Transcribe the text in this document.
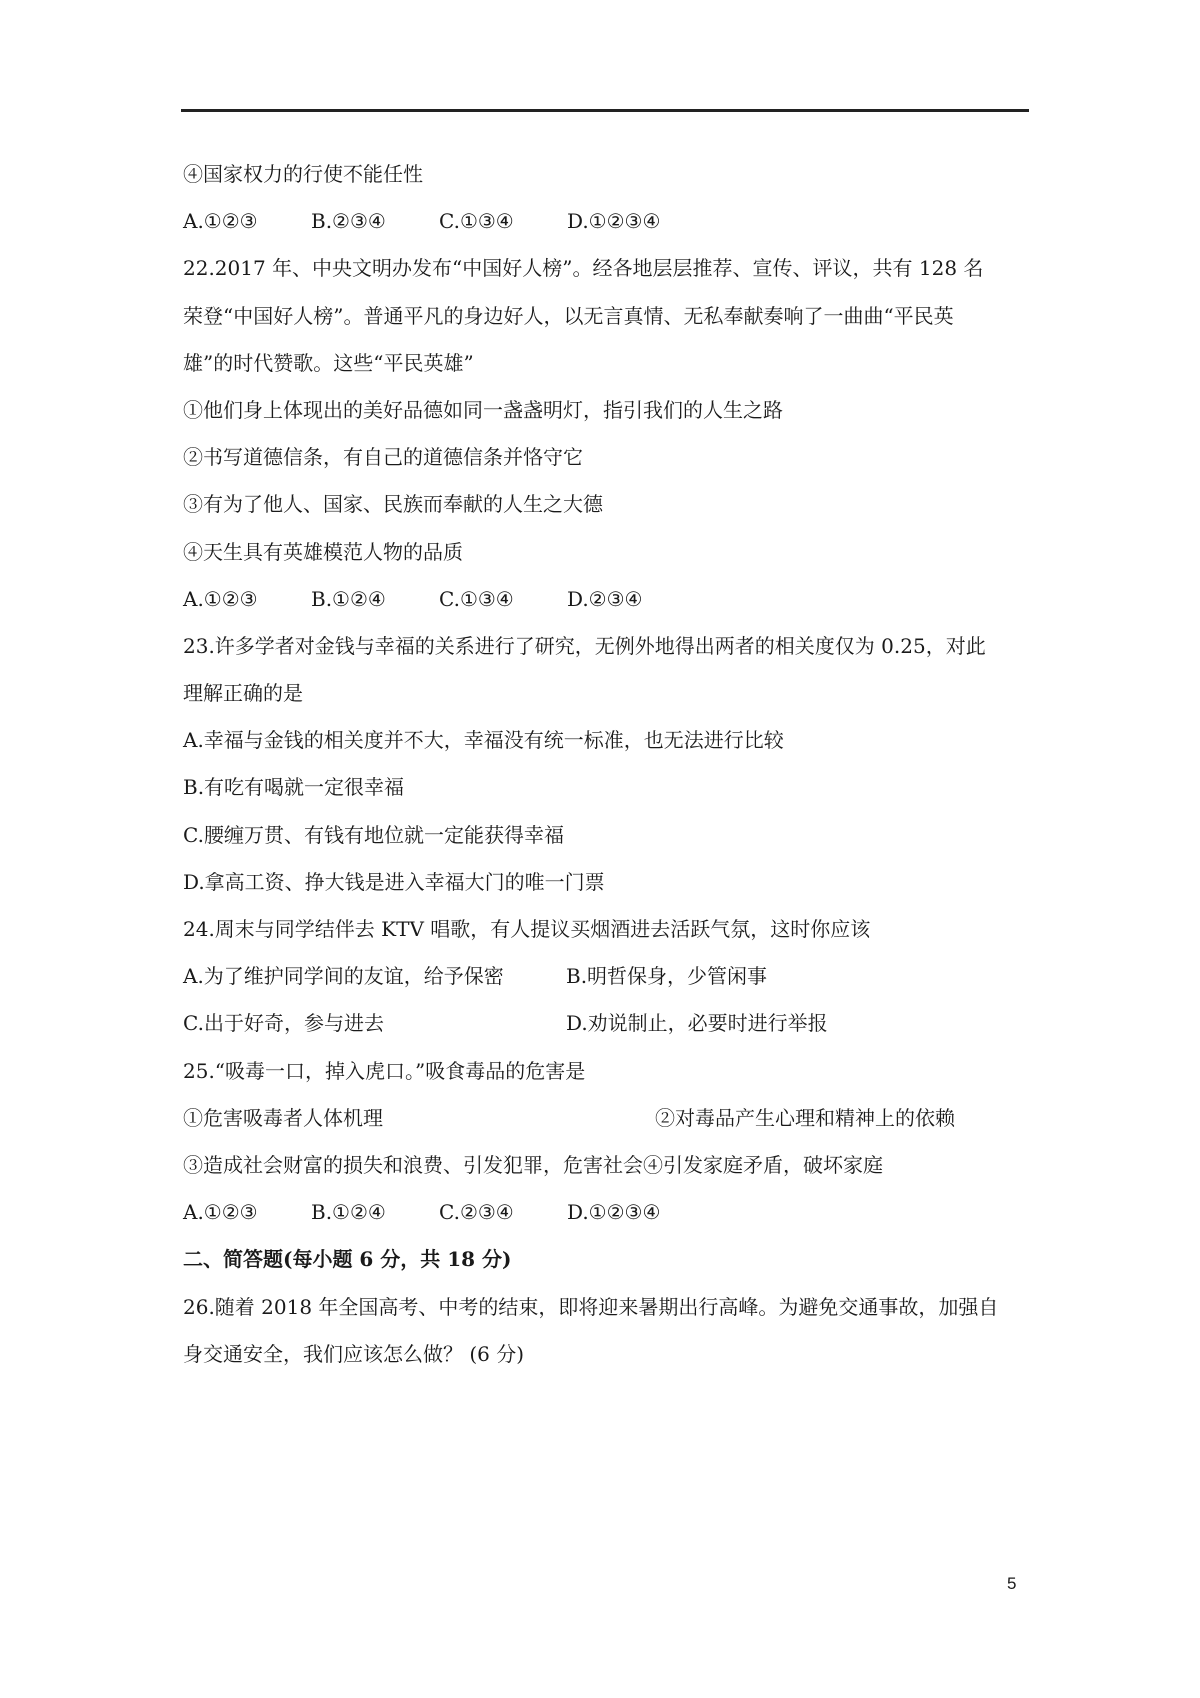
④国家权力的行使不能任性
A.①②③	B.②③④	C.①③④	D.①②③④
22.2017 年、中央文明办发布“中国好人榜”。经各地层层推荐、宣传、评议，共有 128 名
荣登“中国好人榜”。普通平凡的身边好人，以无言真情、无私奉献奏响了一曲曲“平民英
雄”的时代赞歌。这些“平民英雄”
①他们身上体现出的美好品德如同一盏盏明灯，指引我们的人生之路
②书写道德信条，有自己的道德信条并恪守它
③有为了他人、国家、民族而奉献的人生之大德
④天生具有英雄模范人物的品质
A.①②③	B.①②④	C.①③④	D.②③④
23.许多学者对金钱与幸福的关系进行了研究，无例外地得出两者的相关度仅为 0.25，对此
理解正确的是
A.幸福与金钱的相关度并不大，幸福没有统一标准，也无法进行比较
B.有吃有喝就一定很幸福
C.腰缠万贯、有钱有地位就一定能获得幸福
D.拿高工资、挣大钱是进入幸福大门的唯一门票
24.周末与同学结伴去 KTV 唱歌，有人提议买烟酒进去活跃气氛，这时你应该
A.为了维护同学间的友谊，给予保密	B.明哲保身，少管闲事
C.出于好奇，参与进去	D.劝说制止，必要时进行举报
25.“吸毒一口，掉入虎口。”吸食毒品的危害是
①危害吸毒者人体机理	②对毒品产生心理和精神上的依赖
③造成社会财富的损失和浪费、引发犯罪，危害社会④引发家庭矛盾，破坏家庭
A.①②③	B.①②④	C.②③④	D.①②③④
二、简答题(每小题 6 分，共 18 分)
26.随着 2018 年全国高考、中考的结束，即将迎来暑期出行高峰。为避免交通事故，加强自
身交通安全，我们应该怎么做？ (6 分)
5
